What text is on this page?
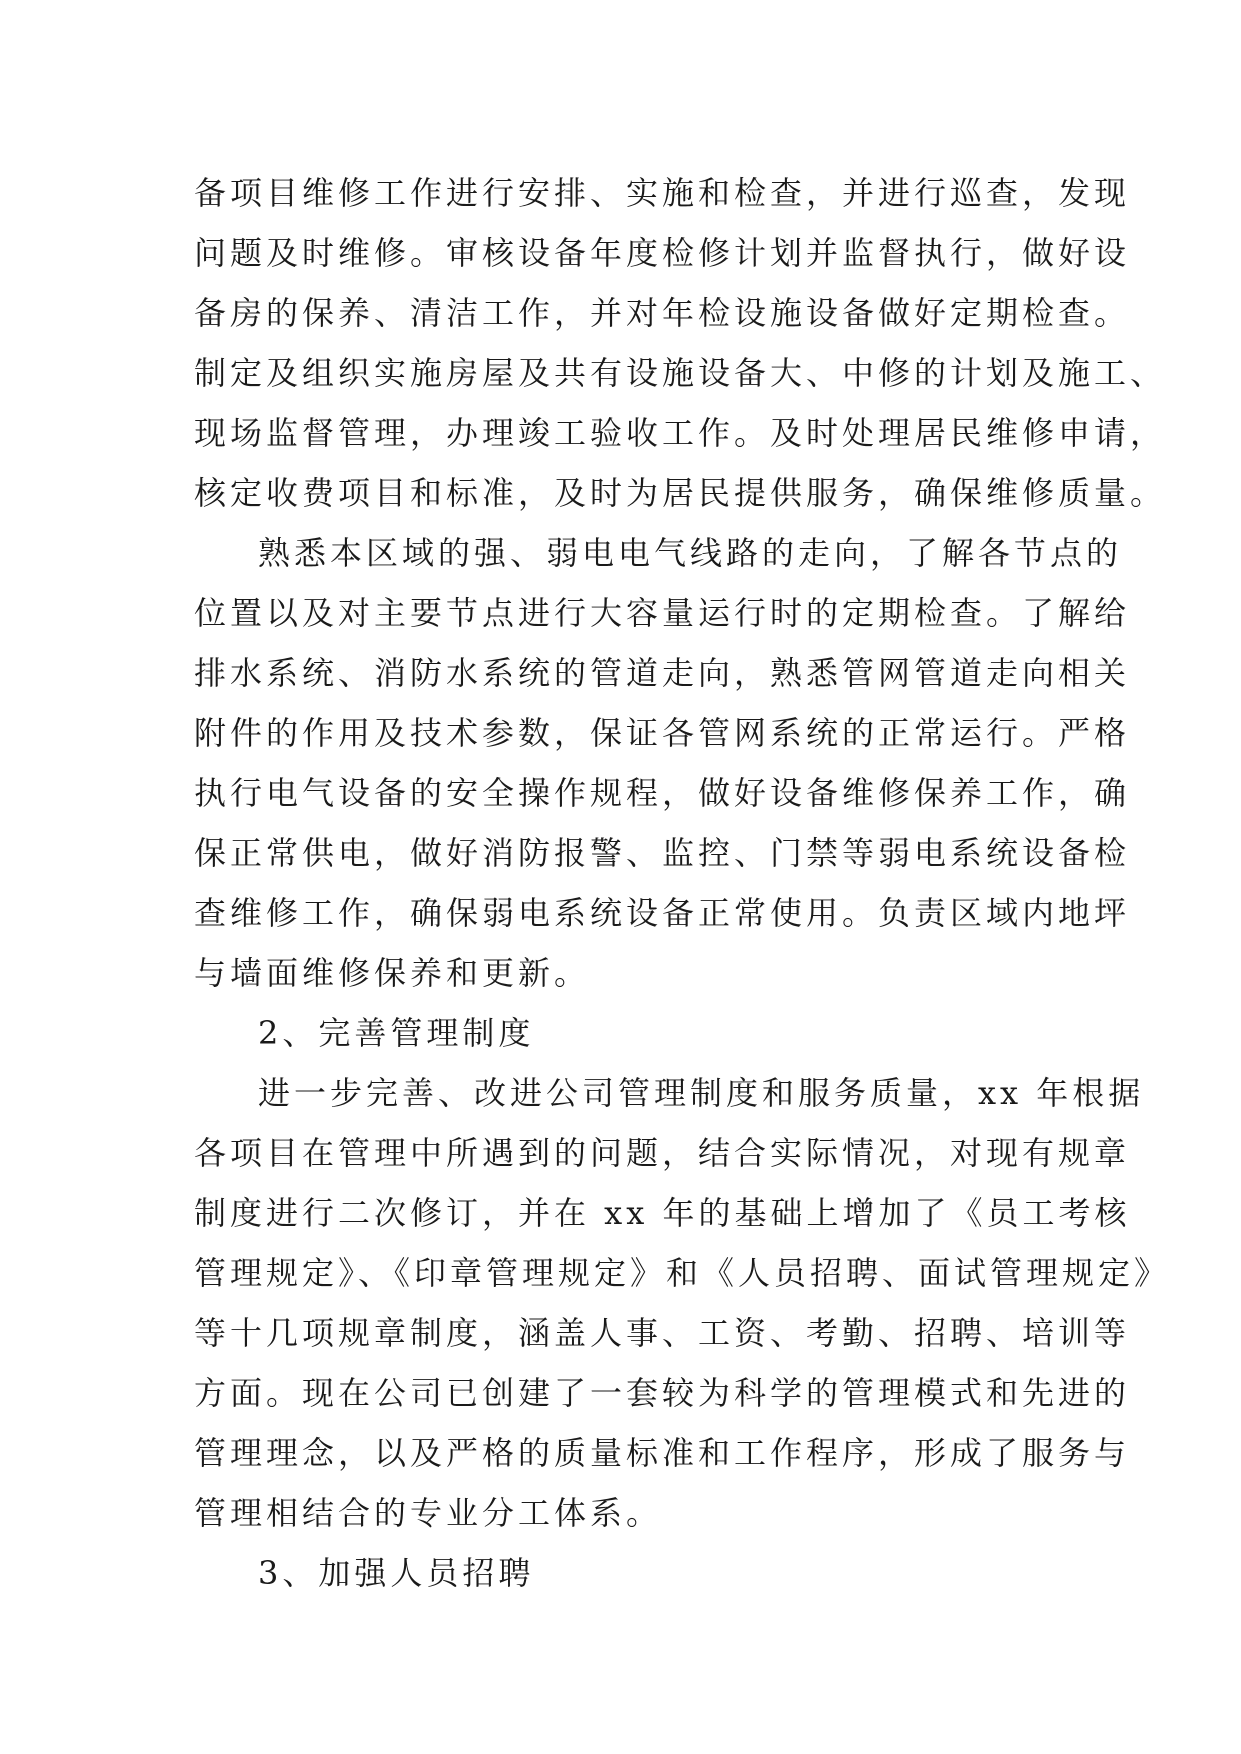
备项目维修工作进行安排、实施和检查，并进行巡查，发现
问题及时维修。审核设备年度检修计划并监督执行，做好设
备房的保养、清洁工作，并对年检设施设备做好定期检查。
制定及组织实施房屋及共有设施设备大、中修的计划及施工、
现场监督管理，办理竣工验收工作。及时处理居民维修申请，
核定收费项目和标准，及时为居民提供服务，确保维修质量。
熟悉本区域的强、弱电电气线路的走向，了解各节点的
位置以及对主要节点进行大容量运行时的定期检查。了解给
排水系统、消防水系统的管道走向，熟悉管网管道走向相关
附件的作用及技术参数，保证各管网系统的正常运行。严格
执行电气设备的安全操作规程，做好设备维修保养工作，确
保正常供电，做好消防报警、监控、门禁等弱电系统设备检
查维修工作，确保弱电系统设备正常使用。负责区域内地坪
与墙面维修保养和更新。
2、完善管理制度
进一步完善、改进公司管理制度和服务质量，xx 年根据
各项目在管理中所遇到的问题，结合实际情况，对现有规章
制度进行二次修订，并在 xx 年的基础上增加了《员工考核
管理规定》、《印章管理规定》和《人员招聘、面试管理规定》
等十几项规章制度，涵盖人事、工资、考勤、招聘、培训等
方面。现在公司已创建了一套较为科学的管理模式和先进的
管理理念，以及严格的质量标准和工作程序，形成了服务与
管理相结合的专业分工体系。
3、加强人员招聘
